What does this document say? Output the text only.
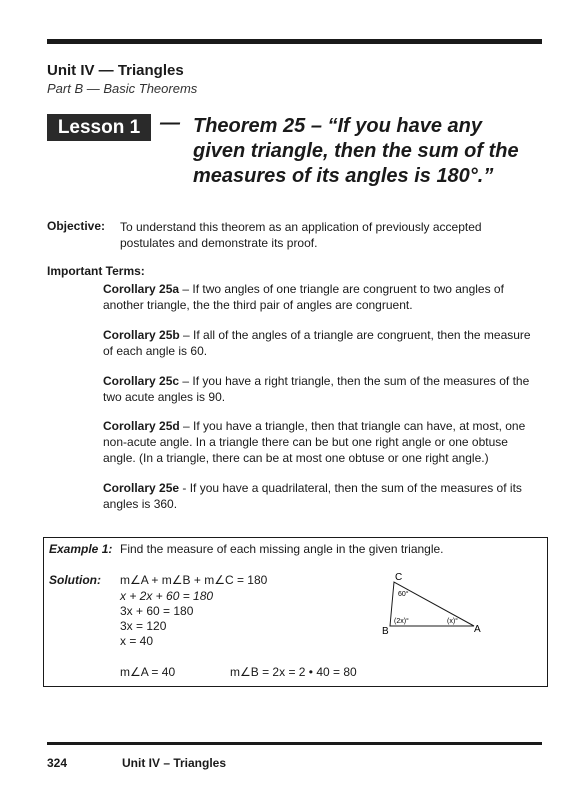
Unit IV — Triangles
Part B — Basic Theorems
Lesson 1 — Theorem 25 – “If you have any
given triangle, then the sum of the
measures of its angles is 180°.”
Objective: To understand this theorem as an application of previously accepted postulates and demonstrate its proof.
Important Terms:
Corollary 25a – If two angles of one triangle are congruent to two angles of another triangle, the the third pair of angles are congruent.
Corollary 25b – If all of the angles of a triangle are congruent, then the measure of each angle is 60.
Corollary 25c – If you have a right triangle, then the sum of the measures of the two acute angles is 90.
Corollary 25d – If you have a triangle, then that triangle can have, at most, one non-acute angle. In a triangle there can be but one right angle or one obtuse angle. (In a triangle, there can be at most one obtuse or one right angle.)
Corollary 25e - If you have a quadrilateral, then the sum of the measures of its angles is 360.
Example 1: Find the measure of each missing angle in the given triangle.
Solution: m∠A + m∠B + m∠C = 180
x + 2x + 60 = 180
3x + 60 = 180
3x = 120
x = 40
m∠A = 40	m∠B = 2x = 2 • 40 = 80
C
B	A
60°
(2x)°	(x)°
324	Unit IV – Triangles
